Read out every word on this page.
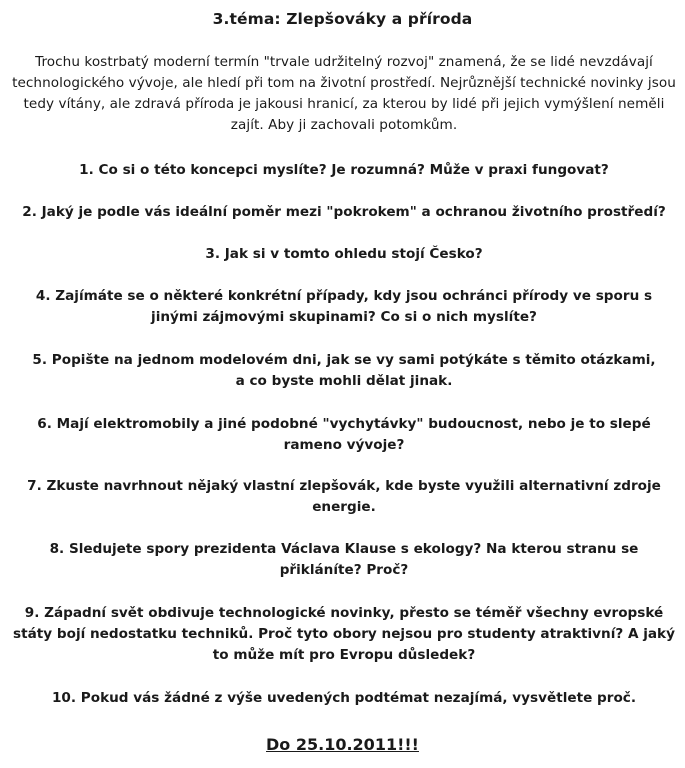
3.téma: Zlepšováky a příroda
Trochu kostrbatý moderní termín "trvale udržitelný rozvoj" znamená, že se lidé nevzdávají technologického vývoje, ale hledí při tom na životní prostředí. Nejrůznější technické novinky jsou tedy vítány, ale zdravá příroda je jakousi hranicí, za kterou by lidé při jejich vymýšlení neměli zajít. Aby ji zachovali potomkům.
1. Co si o této koncepci myslíte? Je rozumná? Může v praxi fungovat?
2. Jaký je podle vás ideální poměr mezi "pokrokem" a ochranou životního prostředí?
3. Jak si v tomto ohledu stojí Česko?
4. Zajímáte se o některé konkrétní případy, kdy jsou ochránci přírody ve sporu s jinými zájmovými skupinami? Co si o nich myslíte?
5. Popište na jednom modelovém dni, jak se vy sami potýkáte s těmito otázkami, a co byste mohli dělat jinak.
6. Mají elektromobily a jiné podobné "vychytávky" budoucnost, nebo je to slepé rameno vývoje?
7. Zkuste navrhnout nějaký vlastní zlepšovák, kde byste využili alternativní zdroje energie.
8. Sledujete spory prezidenta Václava Klause s ekology? Na kterou stranu se přikláníte? Proč?
9. Západní svět obdivuje technologické novinky, přesto se téměř všechny evropské státy bojí nedostatku techniků. Proč tyto obory nejsou pro studenty atraktivní? A jaký to může mít pro Evropu důsledek?
10. Pokud vás žádné z výše uvedených podtémat nezajímá, vysvětlete proč.
Do 25.10.2011!!!
